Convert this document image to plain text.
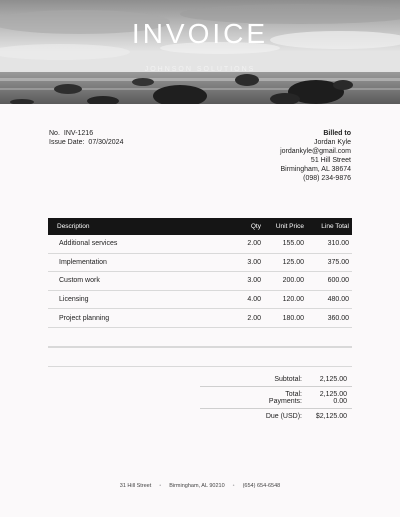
INVOICE
JOHNSON SOLUTIONS
No. INV-1216
Issue Date: 07/30/2024
Billed to
Jordan Kyle
jordankyle@gmail.com
51 Hill Street
Birmingham, AL 38674
(098) 234-9876
Description	Qty	Unit Price	Line Total
Additional services	2.00	155.00	310.00
Implementation	3.00	125.00	375.00
Custom work	3.00	200.00	600.00
Licensing	4.00	120.00	480.00
Project planning	2.00	180.00	360.00
Subtotal:	2,125.00
Total:	2,125.00
Payments:	0.00
Due (USD):	$2,125.00
31 Hill Street • Birmingham, AL 90210 • (654) 654-6548
